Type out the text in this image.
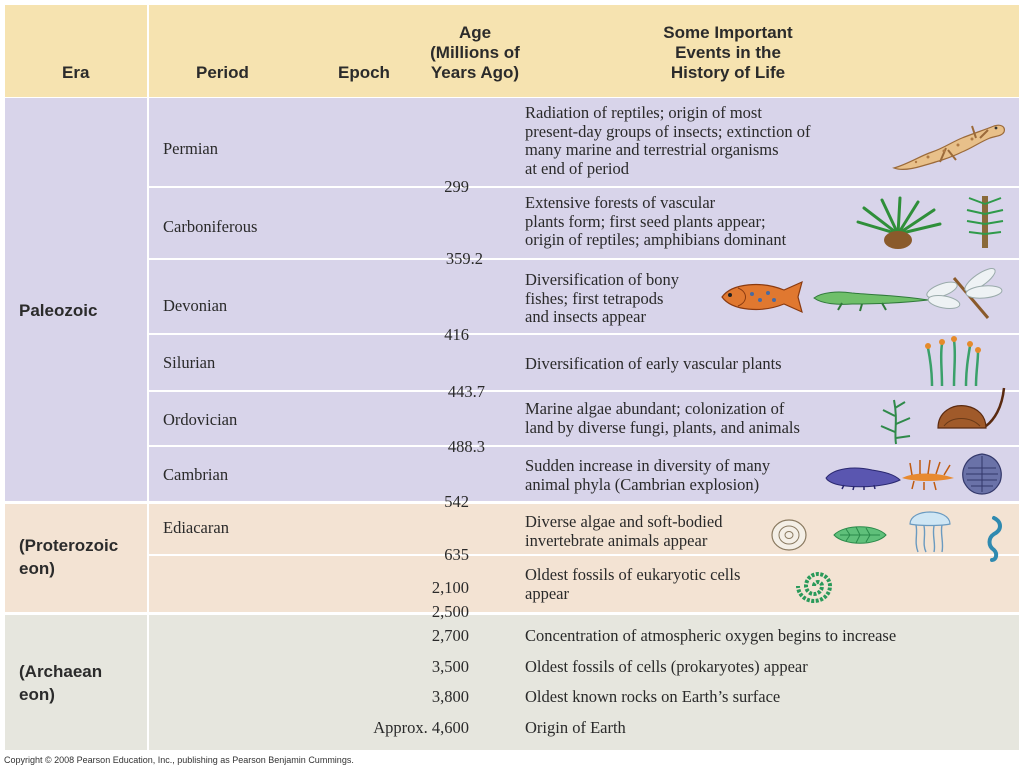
Era	Period	Epoch
Age
(Millions of
Years Ago)
Some Important
Events in the
History of Life
Paleozoic
(Proterozoic
eon)
(Archaean
eon)
Permian
Carboniferous
Devonian
Silurian
Ordovician
Cambrian
Ediacaran
299
359.2
416
443.7
488.3
542
635
2,100
2,500
2,700
3,500
3,800
Approx. 4,600
Radiation of reptiles; origin of most
present-day groups of insects; extinction of
many marine and terrestrial organisms
at end of period
Extensive forests of vascular
plants form; first seed plants appear;
origin of reptiles; amphibians dominant
Diversification of bony
fishes; first tetrapods
and insects appear
Diversification of early vascular plants
Marine algae abundant; colonization of
land by diverse fungi, plants, and animals
Sudden increase in diversity of many
animal phyla (Cambrian explosion)
Diverse algae and soft-bodied
invertebrate animals appear
Oldest fossils of eukaryotic cells
appear
Concentration of atmospheric oxygen begins to increase
Oldest fossils of cells (prokaryotes) appear
Oldest known rocks on Earth’s surface
Origin of Earth
Copyright © 2008 Pearson Education, Inc., publishing as Pearson Benjamin Cummings.
